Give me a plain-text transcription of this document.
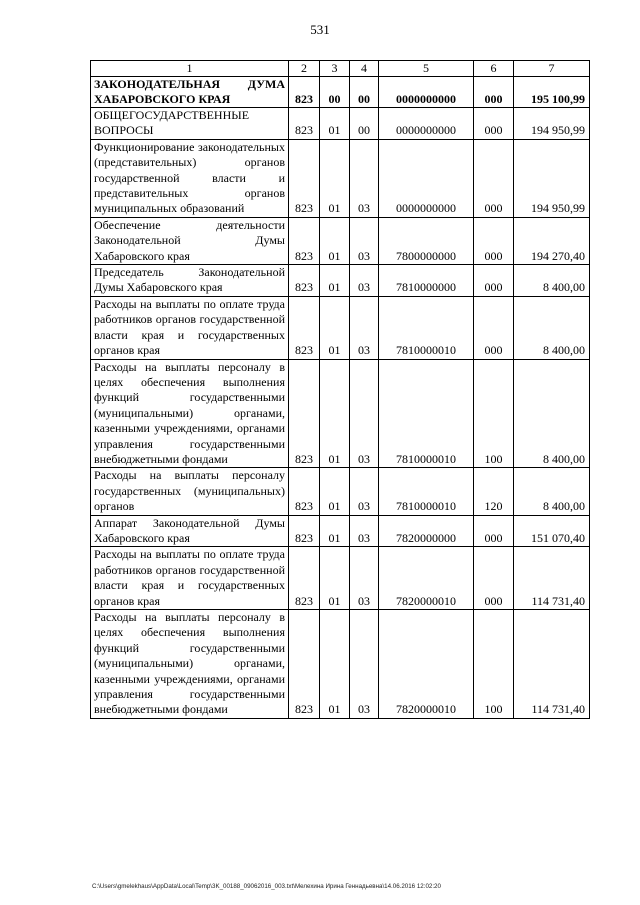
531
1	2	3	4	5	6	7
ЗАКОНОДАТЕЛЬНАЯ ДУМА ХАБАРОВСКОГО КРАЯ	823	00	00	0000000000	000	195 100,99
ОБЩЕГОСУДАРСТВЕННЫЕ ВОПРОСЫ	823	01	00	0000000000	000	194 950,99
Функционирование законодательных (представительных) органов государственной власти и представительных органов муниципальных образований	823	01	03	0000000000	000	194 950,99
Обеспечение деятельности Законодательной Думы Хабаровского края	823	01	03	7800000000	000	194 270,40
Председатель Законодательной Думы Хабаровского края	823	01	03	7810000000	000	8 400,00
Расходы на выплаты по оплате труда работников органов государственной власти края и государственных органов края	823	01	03	7810000010	000	8 400,00
Расходы на выплаты персоналу в целях обеспечения выполнения функций государственными (муниципальными) органами, казенными учреждениями, органами управления государственными внебюджетными фондами	823	01	03	7810000010	100	8 400,00
Расходы на выплаты персоналу государственных (муниципальных) органов	823	01	03	7810000010	120	8 400,00
Аппарат Законодательной Думы Хабаровского края	823	01	03	7820000000	000	151 070,40
Расходы на выплаты по оплате труда работников органов государственной власти края и государственных органов края	823	01	03	7820000010	000	114 731,40
Расходы на выплаты персоналу в целях обеспечения выполнения функций государственными (муниципальными) органами, казенными учреждениями, органами управления государственными внебюджетными фондами	823	01	03	7820000010	100	114 731,40
C:\Users\gmelekhaus\AppData\Local\Temp\3K_00188_09062016_003.txt\Мелехина Ирина Геннадьевна\14.06.2016 12:02:20
